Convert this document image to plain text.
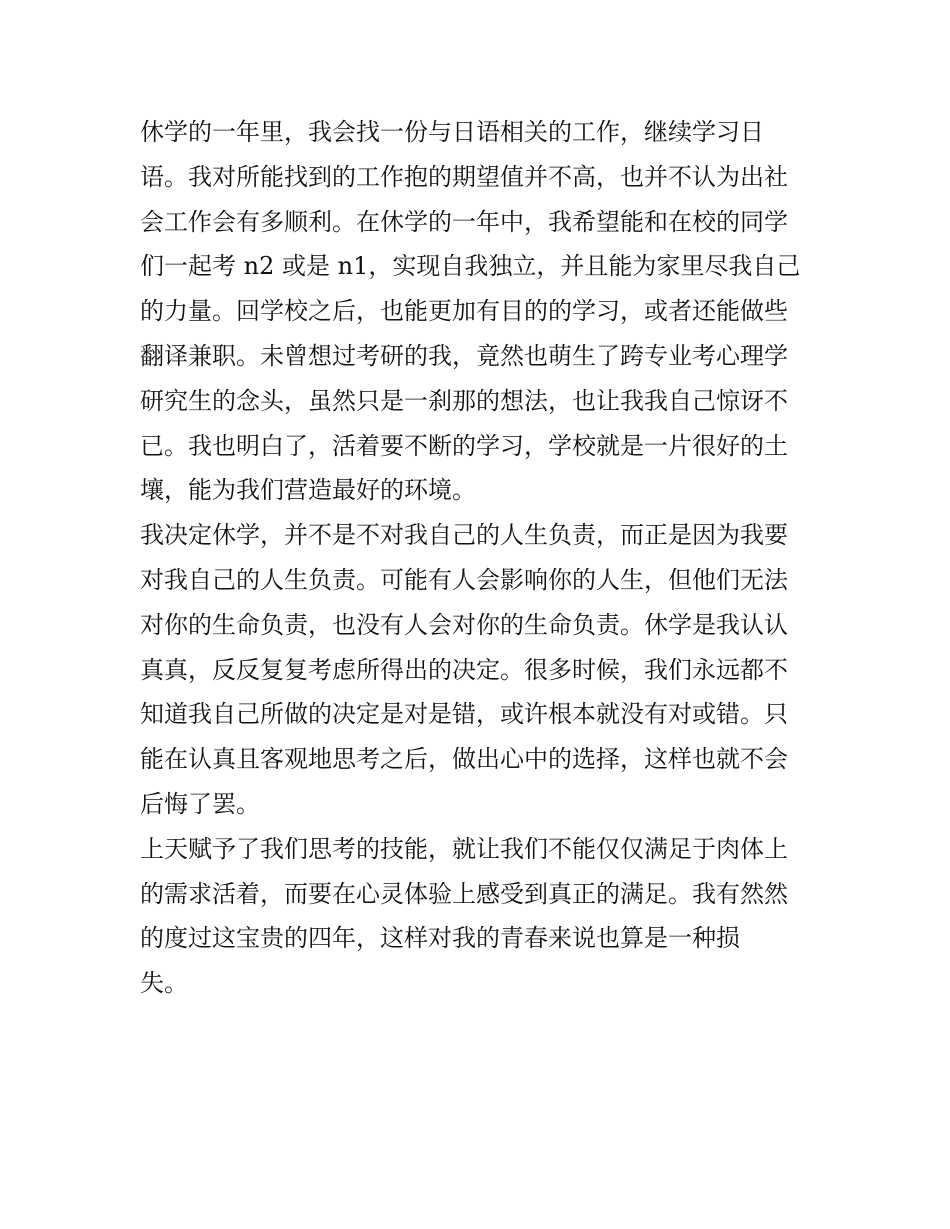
休学的一年里，我会找一份与日语相关的工作，继续学习日
语。我对所能找到的工作抱的期望值并不高，也并不认为出社
会工作会有多顺利。在休学的一年中，我希望能和在校的同学
们一起考 n2 或是 n1，实现自我独立，并且能为家里尽我自己
的力量。回学校之后，也能更加有目的的学习，或者还能做些
翻译兼职。未曾想过考研的我，竟然也萌生了跨专业考心理学
研究生的念头，虽然只是一刹那的想法，也让我我自己惊讶不
已。我也明白了，活着要不断的学习，学校就是一片很好的土
壤，能为我们营造最好的环境。
我决定休学，并不是不对我自己的人生负责，而正是因为我要
对我自己的人生负责。可能有人会影响你的人生，但他们无法
对你的生命负责，也没有人会对你的生命负责。休学是我认认
真真，反反复复考虑所得出的决定。很多时候，我们永远都不
知道我自己所做的决定是对是错，或许根本就没有对或错。只
能在认真且客观地思考之后，做出心中的选择，这样也就不会
后悔了罢。
上天赋予了我们思考的技能，就让我们不能仅仅满足于肉体上
的需求活着，而要在心灵体验上感受到真正的满足。我有然然
的度过这宝贵的四年，这样对我的青春来说也算是一种损
失。
